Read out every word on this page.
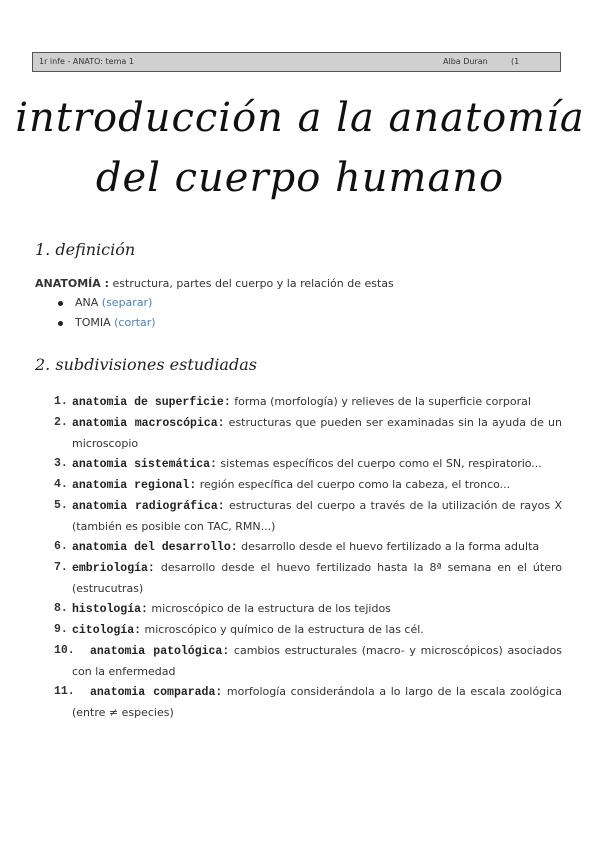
1r infe - ANATO: tema 1	Alba Duran	(1
introducción a la anatomía
del cuerpo humano
1. definición
ANATOMÍA : estructura, partes del cuerpo y la relación de estas
ANA (separar)
TOMIA (cortar)
2. subdivisiones estudiadas
1. anatomia de superficie: forma (morfología) y relieves de la superficie corporal
2. anatomia macroscópica: estructuras que pueden ser examinadas sin la ayuda de un microscopio
3. anatomia sistemática: sistemas específicos del cuerpo como el SN, respiratorio...
4. anatomia regional: región específica del cuerpo como la cabeza, el tronco...
5. anatomia radiográfica: estructuras del cuerpo a través de la utilización de rayos X (también es posible con TAC, RMN...)
6. anatomia del desarrollo: desarrollo desde el huevo fertilizado a la forma adulta
7. embriología: desarrollo desde el huevo fertilizado hasta la 8ª semana en el útero (estrucutras)
8. histología: microscópico de la estructura de los tejidos
9. citología: microscópico y químico de la estructura de las cél.
10. anatomia patológica: cambios estructurales (macro- y microscópicos) asociados con la enfermedad
11. anatomia comparada: morfología considerándola a lo largo de la escala zoológica (entre ≠ especies)
